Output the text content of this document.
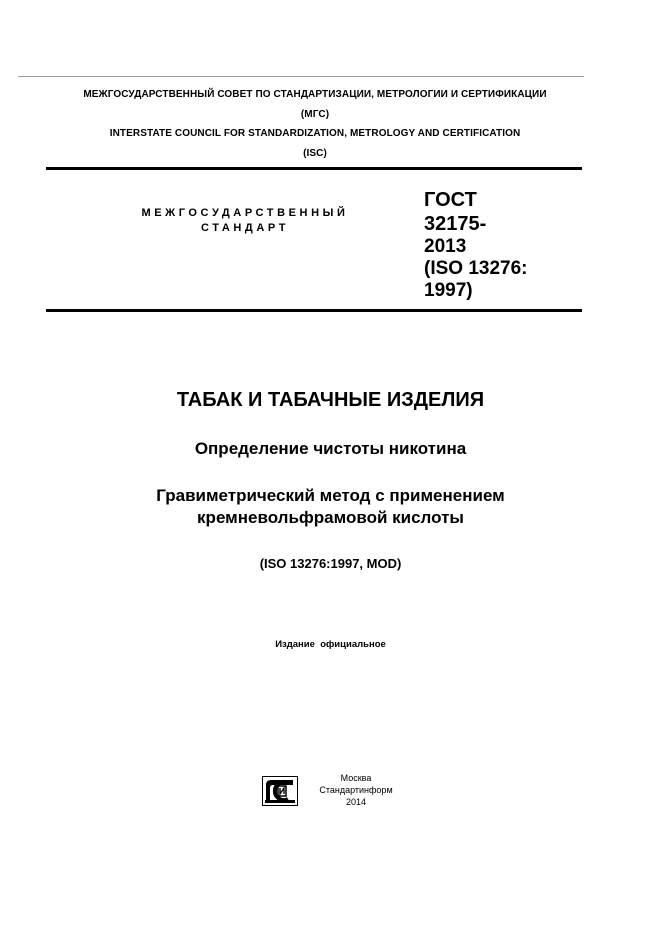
МЕЖГОСУДАРСТВЕННЫЙ СОВЕТ ПО СТАНДАРТИЗАЦИИ, МЕТРОЛОГИИ И СЕРТИФИКАЦИИ
(МГС)
INTERSTATE COUNCIL FOR STANDARDIZATION, METROLOGY AND CERTIFICATION
(ISC)
МЕЖГОСУДАРСТВЕННЫЙ
СТАНДАРТ
ГОСТ
32175-
2013
(ISO 13276:
1997)
ТАБАК И ТАБАЧНЫЕ ИЗДЕЛИЯ
Определение чистоты никотина
Гравиметрический метод с применением
кремневольфрамовой кислоты
(ISO 13276:1997, MOD)
Издание  официальное
Москва
Стандартинформ
2014
